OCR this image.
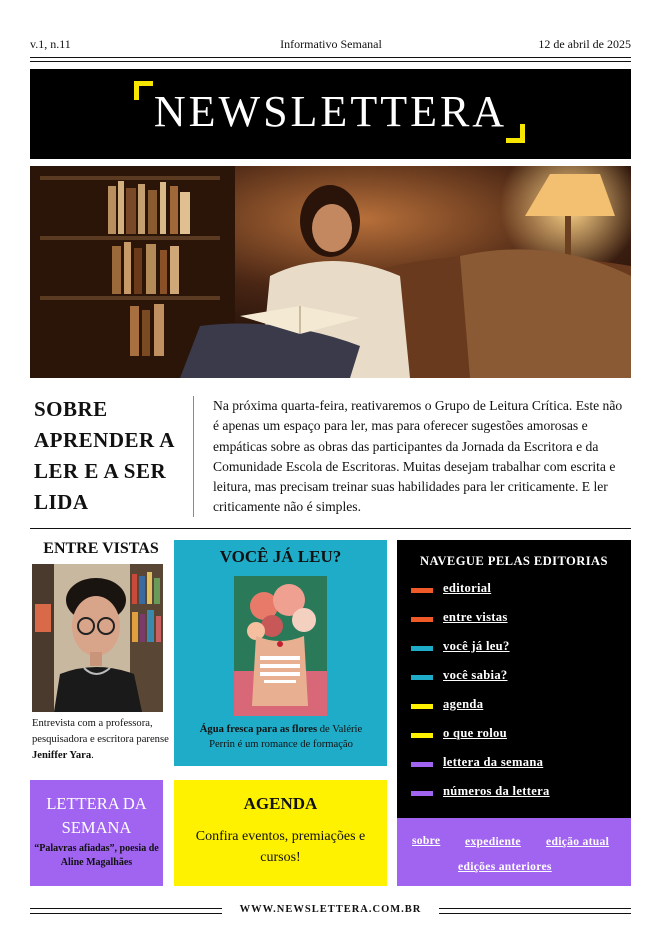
v.1, n.11	Informativo Semanal	12 de abril de 2025
NEWSLETTERA
SOBRE APRENDER A LER E A SER LIDA

Na próxima quarta-feira, reativaremos o Grupo de Leitura Crítica. Este não é apenas um espaço para ler, mas para oferecer sugestões amorosas e empáticas sobre as obras das participantes da Jornada da Escritora e da Comunidade Escola de Escritoras. Muitas desejam trabalhar com escrita e leitura, mas precisam treinar suas habilidades para ler criticamente. E ler criticamente não é simples.

ENTRE VISTAS

Entrevista com a professora, pesquisadora e escritora parense Jeniffer Yara.

LETTERA DA SEMANA
“Palavras afiadas”, poesia de Aline Magalhães
VOCÊ JÁ LEU?
Água fresca para as flores de Valérie Perrin é um romance de formação
AGENDA
Confira eventos, premiações e cursos!
NAVEGUE PELAS EDITORIAS
editorial
entre vistas
você já leu?
você sabia?
agenda
o que rolou
lettera da semana
números da lettera
sobre expediente edição atual
edições anteriores
WWW.NEWSLETTERA.COM.BR
